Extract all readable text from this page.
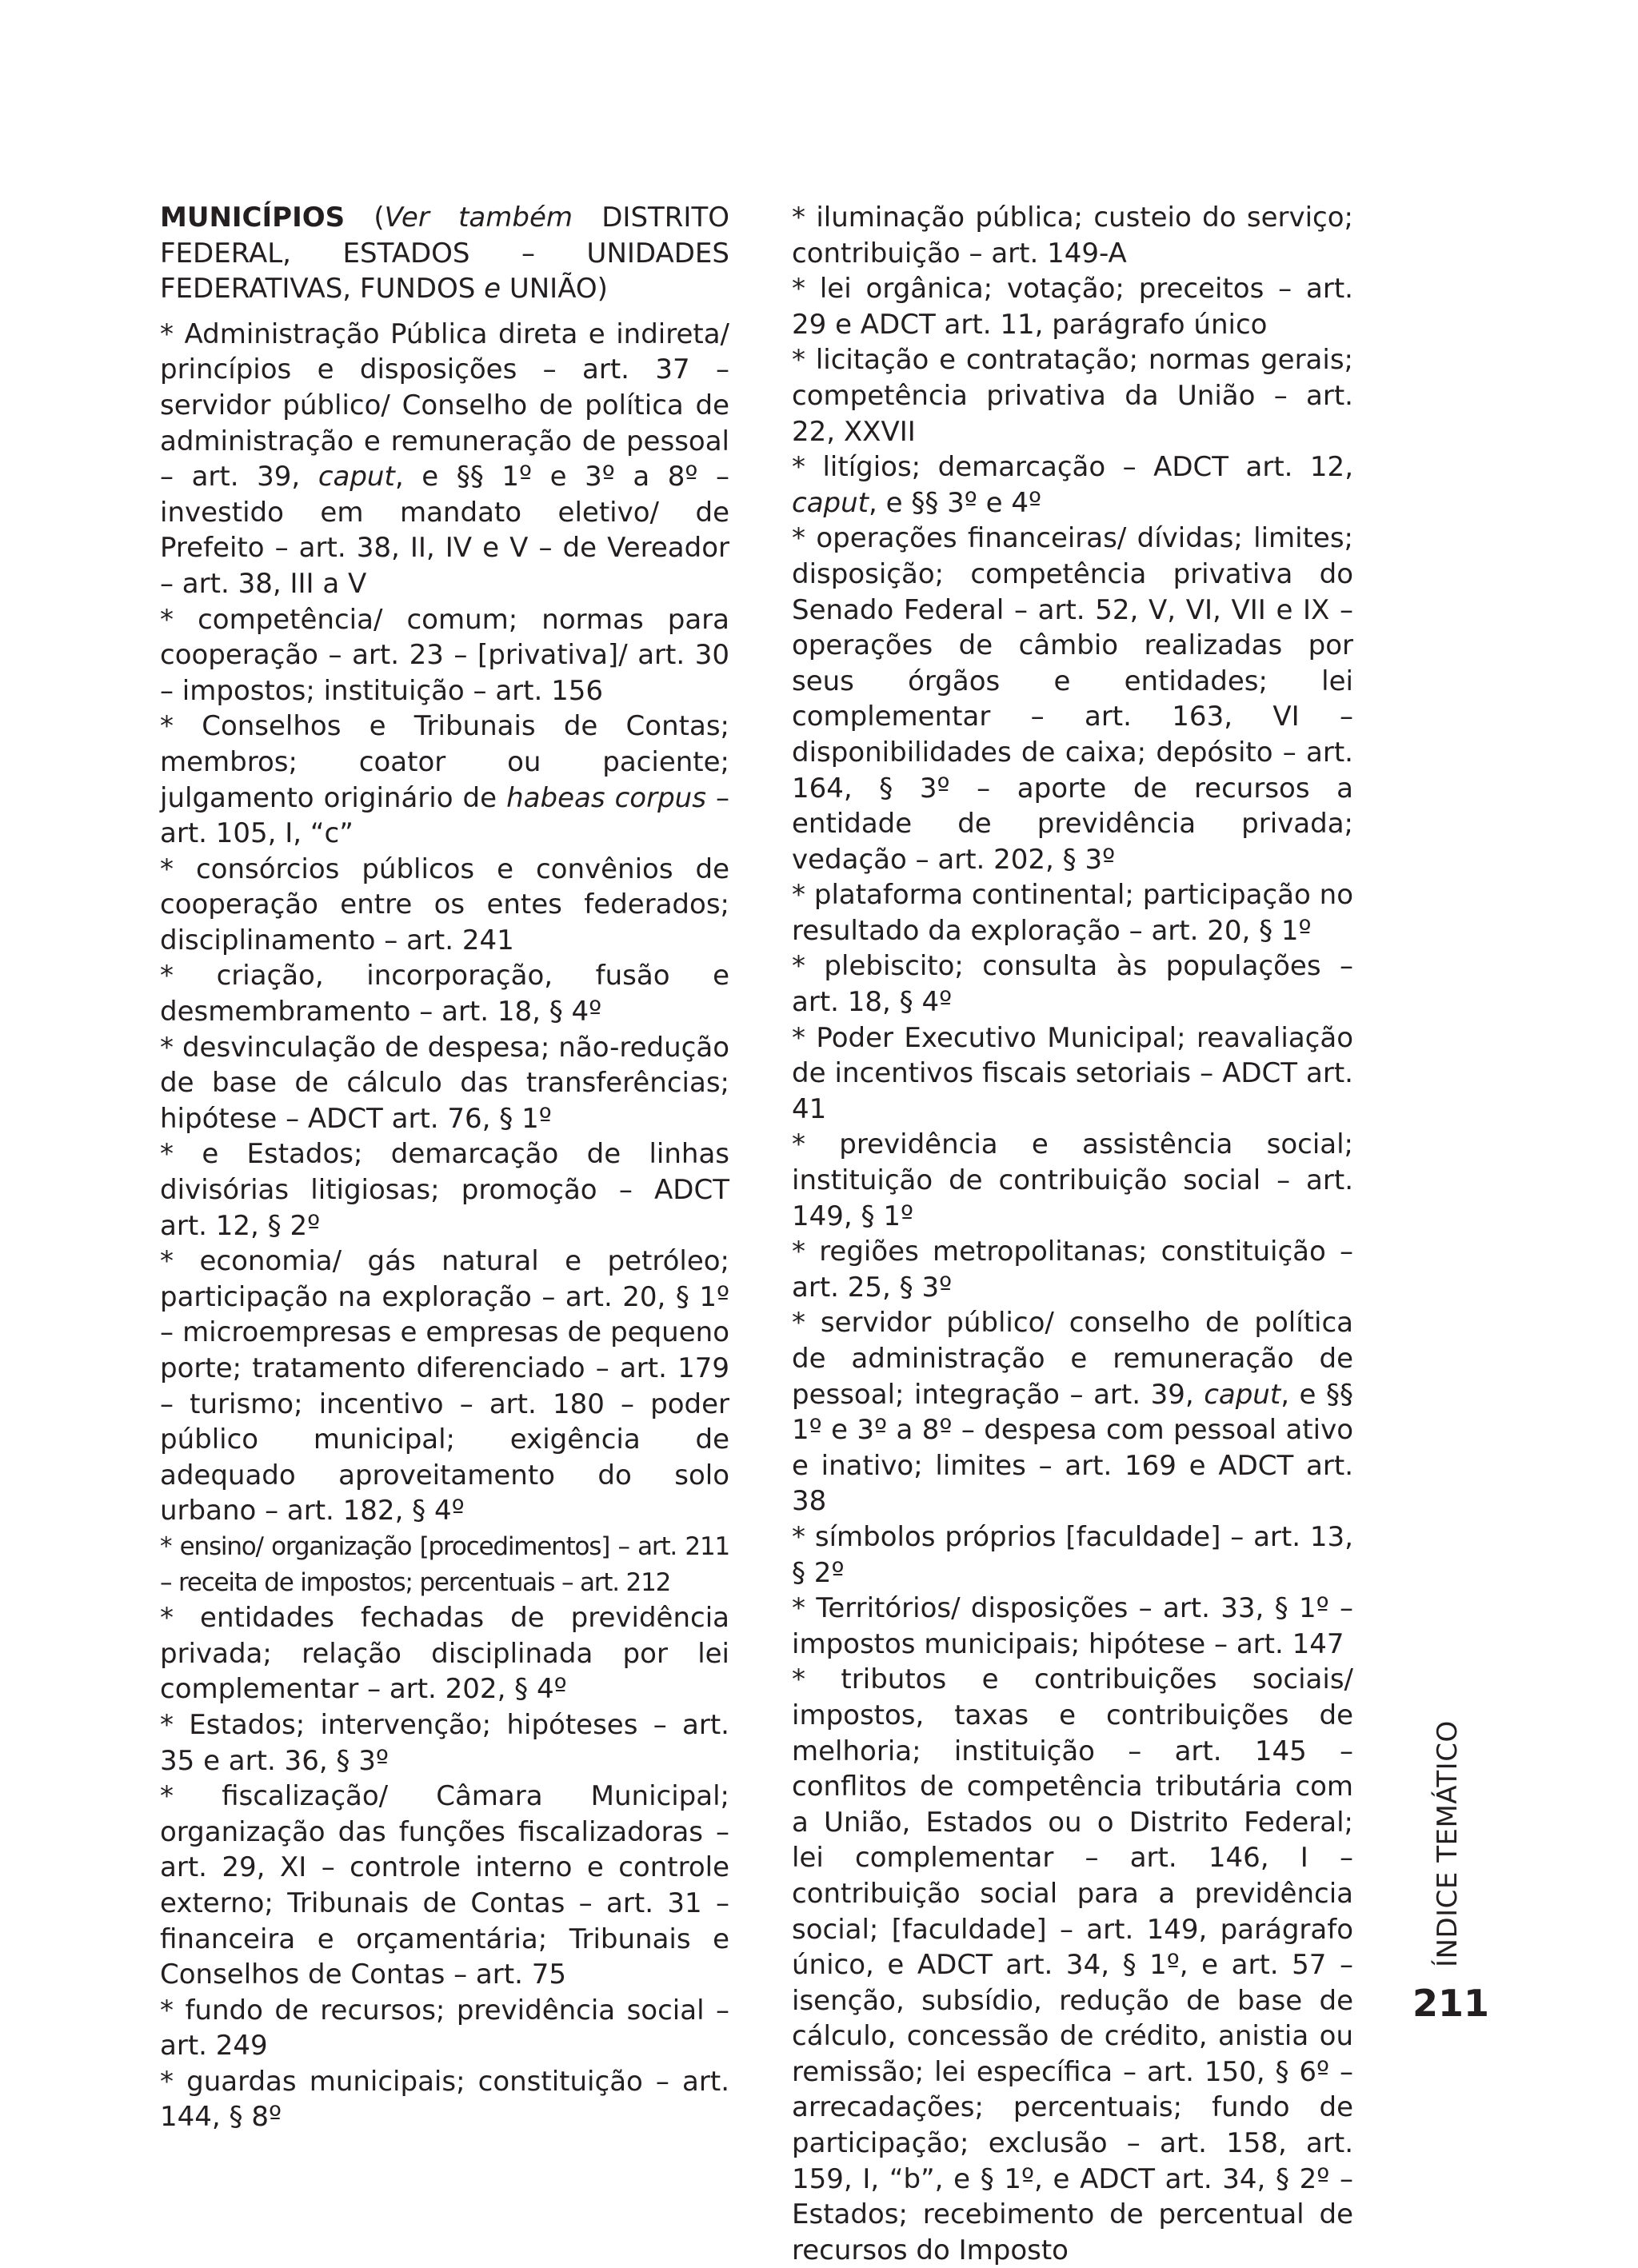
MUNICÍPIOS (Ver também DISTRITO FEDERAL, ESTADOS – UNIDADES FEDERATIVAS, FUNDOS e UNIÃO)

* Administração Pública direta e indireta/ princípios e disposições – art. 37 – servidor público/ Conselho de política de administração e remuneração de pessoal – art. 39, caput, e §§ 1º e 3º a 8º – investido em mandato eletivo/ de Prefeito – art. 38, II, IV e V – de Vereador – art. 38, III a V

* competência/ comum; normas para cooperação – art. 23 – [privativa]/ art. 30 – impostos; instituição – art. 156

* Conselhos e Tribunais de Contas; membros; coator ou paciente; julgamento originário de habeas corpus – art. 105, I, “c”

* consórcios públicos e convênios de cooperação entre os entes federados; disciplinamento – art. 241

* criação, incorporação, fusão e desmembramento – art. 18, § 4º

* desvinculação de despesa; não-redução de base de cálculo das transferências; hipótese – ADCT art. 76, § 1º

* e Estados; demarcação de linhas divisórias litigiosas; promoção – ADCT art. 12, § 2º

* economia/ gás natural e petróleo; participação na exploração – art. 20, § 1º – microempresas e empresas de pequeno porte; tratamento diferenciado – art. 179 – turismo; incentivo – art. 180 – poder público municipal; exigência de adequado aproveitamento do solo urbano – art. 182, § 4º

* ensino/ organização [procedimentos] – art. 211 – receita de impostos; percentuais – art. 212

* entidades fechadas de previdência privada; relação disciplinada por lei complementar – art. 202, § 4º

* Estados; intervenção; hipóteses – art. 35 e art. 36, § 3º

* fiscalização/ Câmara Municipal; organização das funções fiscalizadoras – art. 29, XI – controle interno e controle externo; Tribunais de Contas – art. 31 – financeira e orçamentária; Tribunais e Conselhos de Contas – art. 75

* fundo de recursos; previdência social – art. 249

* guardas municipais; constituição – art. 144, § 8º

* iluminação pública; custeio do serviço; contribuição – art. 149-A

* lei orgânica; votação; preceitos – art. 29 e ADCT art. 11, parágrafo único

* licitação e contratação; normas gerais; competência privativa da União – art. 22, XXVII

* litígios; demarcação – ADCT art. 12, caput, e §§ 3º e 4º

* operações financeiras/ dívidas; limites; disposição; competência privativa do Senado Federal – art. 52, V, VI, VII e IX – operações de câmbio realizadas por seus órgãos e entidades; lei complementar – art. 163, VI – disponibilidades de caixa; depósito – art. 164, § 3º – aporte de recursos a entidade de previdência privada; vedação – art. 202, § 3º

* plataforma continental; participação no resultado da exploração – art. 20, § 1º

* plebiscito; consulta às populações – art. 18, § 4º

* Poder Executivo Municipal; reavaliação de incentivos fiscais setoriais – ADCT art. 41

* previdência e assistência social; instituição de contribuição social – art. 149, § 1º

* regiões metropolitanas; constituição – art. 25, § 3º

* servidor público/ conselho de política de administração e remuneração de pessoal; integração – art. 39, caput, e §§ 1º e 3º a 8º – despesa com pessoal ativo e inativo; limites – art. 169 e ADCT art. 38

* símbolos próprios [faculdade] – art. 13, § 2º

* Territórios/ disposições – art. 33, § 1º – impostos municipais; hipótese – art. 147

* tributos e contribuições sociais/ impostos, taxas e contribuições de melhoria; instituição – art. 145 – conflitos de competência tributária com a União, Estados ou o Distrito Federal; lei complementar – art. 146, I – contribuição social para a previdência social; [faculdade] – art. 149, parágrafo único, e ADCT art. 34, § 1º, e art. 57 – isenção, subsídio, redução de base de cálculo, concessão de crédito, anistia ou remissão; lei específica – art. 150, § 6º – arrecadações; percentuais; fundo de participação; exclusão – art. 158, art. 159, I, “b”, e § 1º, e ADCT art. 34, § 2º – Estados; recebimento de percentual de recursos do Imposto

ÍNDICE TEMÁTICO
211
